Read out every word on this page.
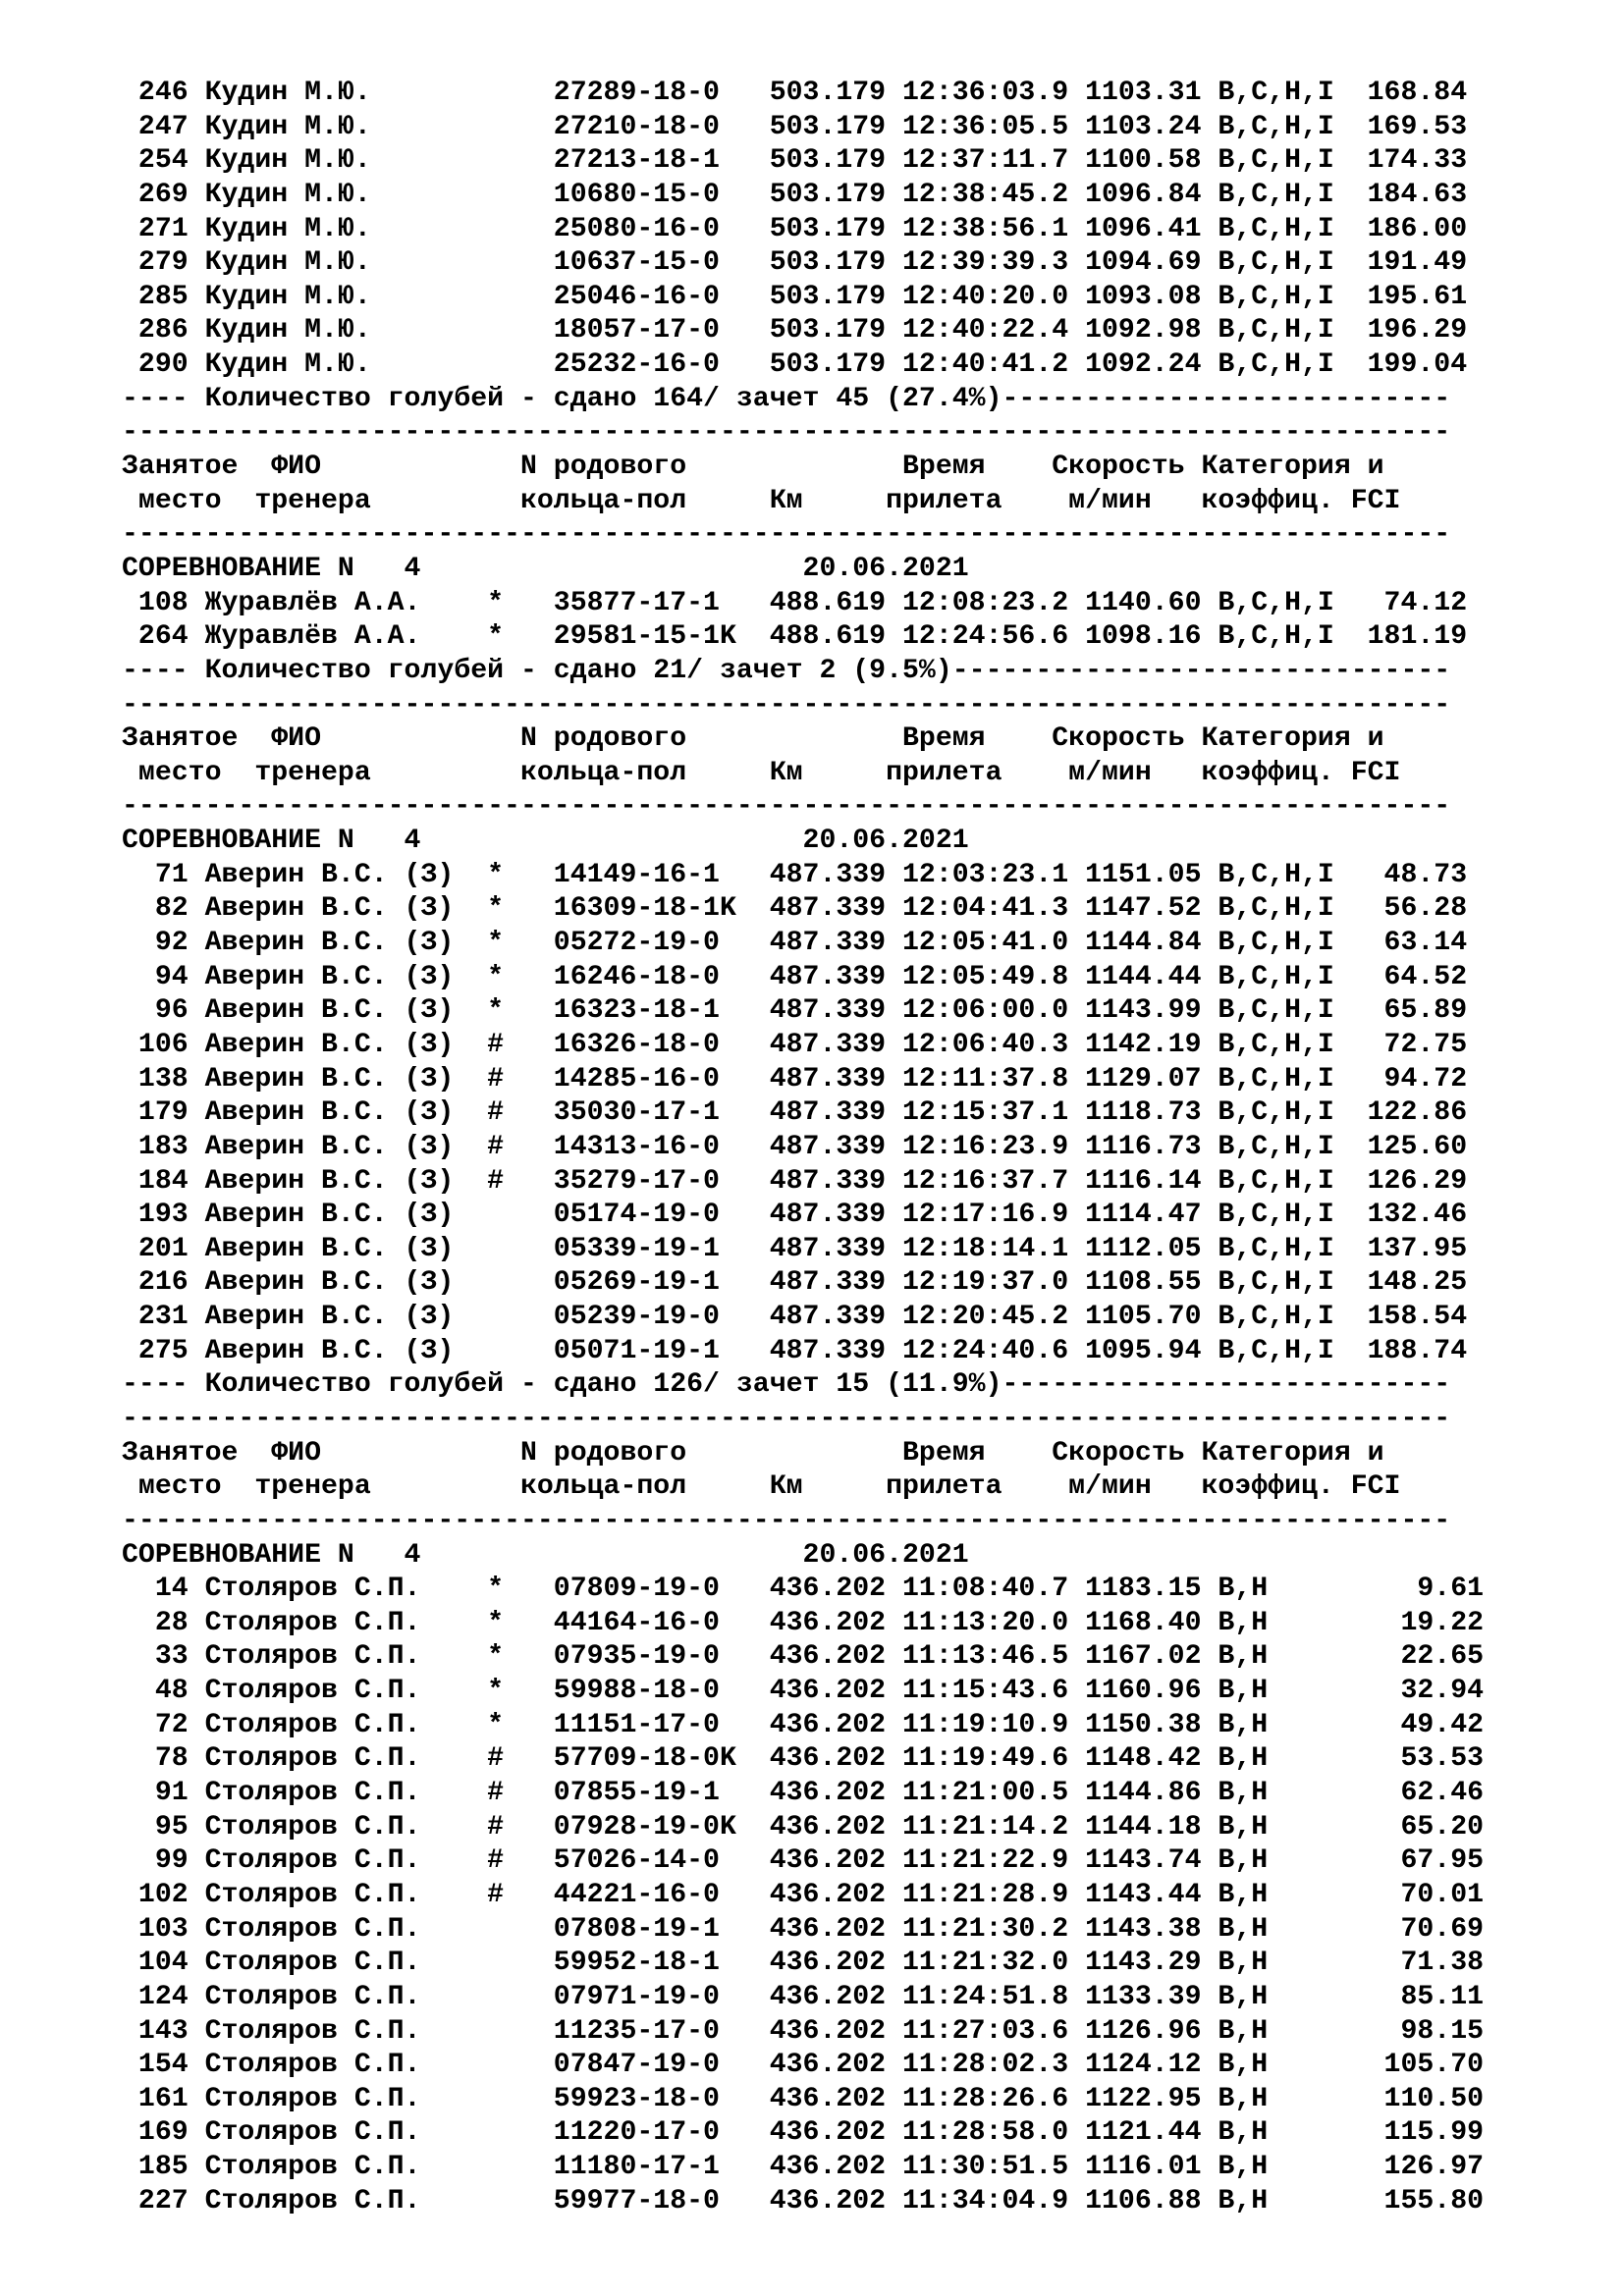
246 Кудин М.Ю.           27289-18-0   503.179 12:36:03.9 1103.31 B,C,H,I  168.84
247 Кудин М.Ю.           27210-18-0   503.179 12:36:05.5 1103.24 B,C,H,I  169.53
254 Кудин М.Ю.           27213-18-1   503.179 12:37:11.7 1100.58 B,C,H,I  174.33
269 Кудин М.Ю.           10680-15-0   503.179 12:38:45.2 1096.84 B,C,H,I  184.63
271 Кудин М.Ю.           25080-16-0   503.179 12:38:56.1 1096.41 B,C,H,I  186.00
279 Кудин М.Ю.           10637-15-0   503.179 12:39:39.3 1094.69 B,C,H,I  191.49
285 Кудин М.Ю.           25046-16-0   503.179 12:40:20.0 1093.08 B,C,H,I  195.61
286 Кудин М.Ю.           18057-17-0   503.179 12:40:22.4 1092.98 B,C,H,I  196.29
290 Кудин М.Ю.           25232-16-0   503.179 12:40:41.2 1092.24 B,C,H,I  199.04
---- Количество голубей - сдано 164/ зачет 45 (27.4%)---------------------------
--------------------------------------------------------------------------------
Занятое  ФИО            N родового             Время    Скорость Категория и
место  тренера         кольца-пол     Км     прилета    м/мин   коэффиц. FCI
--------------------------------------------------------------------------------
СОРЕВНОВАНИЕ N   4                       20.06.2021
108 Журавлёв А.А.    *   35877-17-1   488.619 12:08:23.2 1140.60 B,C,H,I   74.12
264 Журавлёв А.А.    *   29581-15-1K  488.619 12:24:56.6 1098.16 B,C,H,I  181.19
---- Количество голубей - сдано 21/ зачет 2 (9.5%)------------------------------
--------------------------------------------------------------------------------
Занятое  ФИО            N родового             Время    Скорость Категория и
место  тренера         кольца-пол     Км     прилета    м/мин   коэффиц. FCI
--------------------------------------------------------------------------------
СОРЕВНОВАНИЕ N   4                       20.06.2021
71 Аверин В.С. (З)  *   14149-16-1   487.339 12:03:23.1 1151.05 B,C,H,I   48.73
82 Аверин В.С. (З)  *   16309-18-1K  487.339 12:04:41.3 1147.52 B,C,H,I   56.28
92 Аверин В.С. (З)  *   05272-19-0   487.339 12:05:41.0 1144.84 B,C,H,I   63.14
94 Аверин В.С. (З)  *   16246-18-0   487.339 12:05:49.8 1144.44 B,C,H,I   64.52
96 Аверин В.С. (З)  *   16323-18-1   487.339 12:06:00.0 1143.99 B,C,H,I   65.89
106 Аверин В.С. (З)  #   16326-18-0   487.339 12:06:40.3 1142.19 B,C,H,I   72.75
138 Аверин В.С. (З)  #   14285-16-0   487.339 12:11:37.8 1129.07 B,C,H,I   94.72
179 Аверин В.С. (З)  #   35030-17-1   487.339 12:15:37.1 1118.73 B,C,H,I  122.86
183 Аверин В.С. (З)  #   14313-16-0   487.339 12:16:23.9 1116.73 B,C,H,I  125.60
184 Аверин В.С. (З)  #   35279-17-0   487.339 12:16:37.7 1116.14 B,C,H,I  126.29
193 Аверин В.С. (З)      05174-19-0   487.339 12:17:16.9 1114.47 B,C,H,I  132.46
201 Аверин В.С. (З)      05339-19-1   487.339 12:18:14.1 1112.05 B,C,H,I  137.95
216 Аверин В.С. (З)      05269-19-1   487.339 12:19:37.0 1108.55 B,C,H,I  148.25
231 Аверин В.С. (З)      05239-19-0   487.339 12:20:45.2 1105.70 B,C,H,I  158.54
275 Аверин В.С. (З)      05071-19-1   487.339 12:24:40.6 1095.94 B,C,H,I  188.74
---- Количество голубей - сдано 126/ зачет 15 (11.9%)---------------------------
--------------------------------------------------------------------------------
Занятое  ФИО            N родового             Время    Скорость Категория и
место  тренера         кольца-пол     Км     прилета    м/мин   коэффиц. FCI
--------------------------------------------------------------------------------
СОРЕВНОВАНИЕ N   4                       20.06.2021
14 Столяров С.П.    *   07809-19-0   436.202 11:08:40.7 1183.15 B,H         9.61
28 Столяров С.П.    *   44164-16-0   436.202 11:13:20.0 1168.40 B,H        19.22
33 Столяров С.П.    *   07935-19-0   436.202 11:13:46.5 1167.02 B,H        22.65
48 Столяров С.П.    *   59988-18-0   436.202 11:15:43.6 1160.96 B,H        32.94
72 Столяров С.П.    *   11151-17-0   436.202 11:19:10.9 1150.38 B,H        49.42
78 Столяров С.П.    #   57709-18-0K  436.202 11:19:49.6 1148.42 B,H        53.53
91 Столяров С.П.    #   07855-19-1   436.202 11:21:00.5 1144.86 B,H        62.46
95 Столяров С.П.    #   07928-19-0K  436.202 11:21:14.2 1144.18 B,H        65.20
99 Столяров С.П.    #   57026-14-0   436.202 11:21:22.9 1143.74 B,H        67.95
102 Столяров С.П.    #   44221-16-0   436.202 11:21:28.9 1143.44 B,H        70.01
103 Столяров С.П.        07808-19-1   436.202 11:21:30.2 1143.38 B,H        70.69
104 Столяров С.П.        59952-18-1   436.202 11:21:32.0 1143.29 B,H        71.38
124 Столяров С.П.        07971-19-0   436.202 11:24:51.8 1133.39 B,H        85.11
143 Столяров С.П.        11235-17-0   436.202 11:27:03.6 1126.96 B,H        98.15
154 Столяров С.П.        07847-19-0   436.202 11:28:02.3 1124.12 B,H       105.70
161 Столяров С.П.        59923-18-0   436.202 11:28:26.6 1122.95 B,H       110.50
169 Столяров С.П.        11220-17-0   436.202 11:28:58.0 1121.44 B,H       115.99
185 Столяров С.П.        11180-17-1   436.202 11:30:51.5 1116.01 B,H       126.97
227 Столяров С.П.        59977-18-0   436.202 11:34:04.9 1106.88 B,H       155.80
